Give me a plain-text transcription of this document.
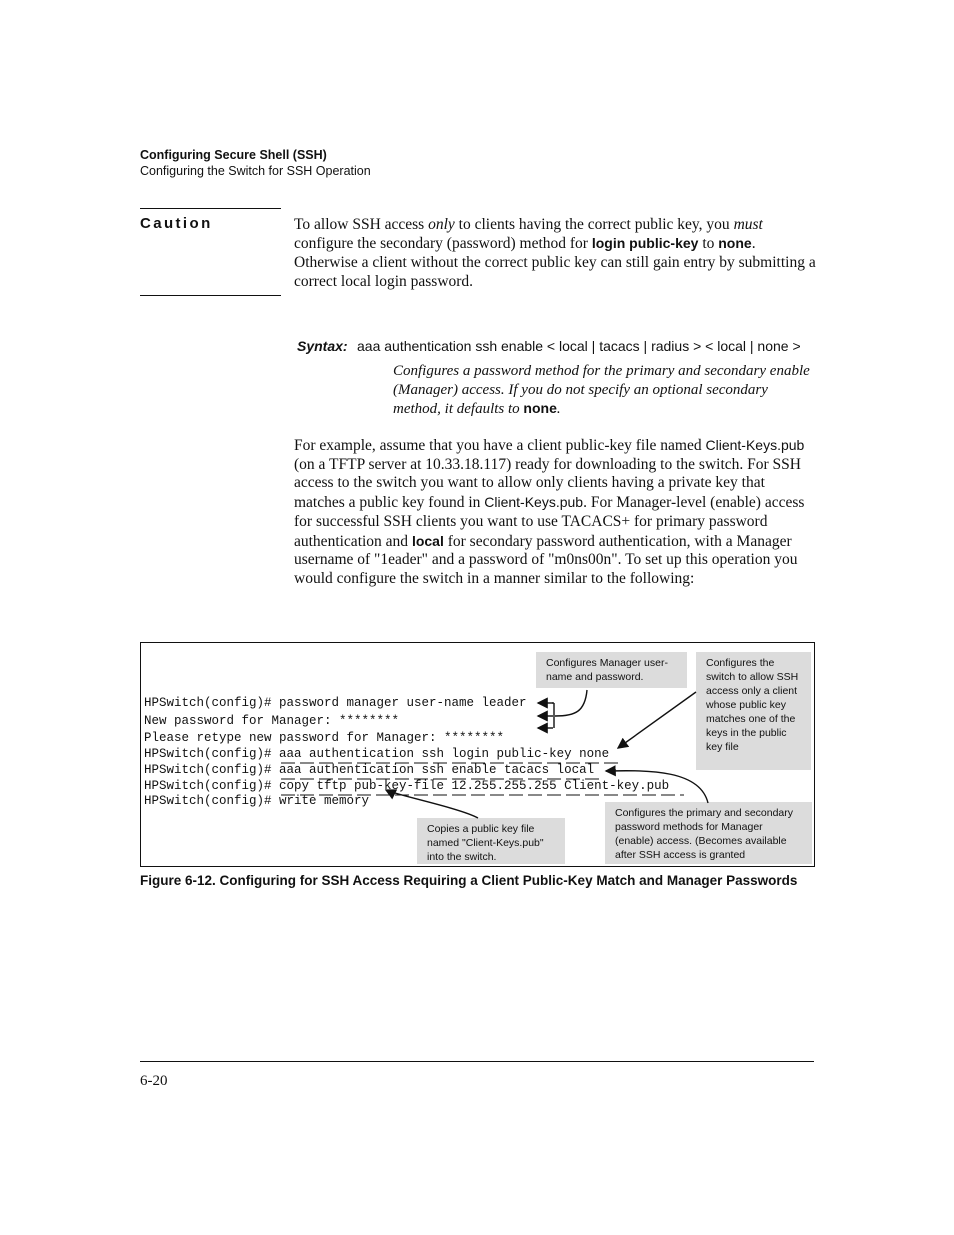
Configuring Secure Shell (SSH)
Configuring the Switch for SSH Operation
Caution	To allow SSH access only to clients having the correct public key, you must configure the secondary (password) method for login public-key to none. Otherwise a client without the correct public key can still gain entry by submitting a correct local login password.
Syntax: aaa authentication ssh enable < local | tacacs | radius > < local | none >
Configures a password method for the primary and secondary enable (Manager) access. If you do not specify an optional secondary method, it defaults to none.
For example, assume that you have a client public-key file named Client-Keys.pub (on a TFTP server at 10.33.18.117) ready for downloading to the switch. For SSH access to the switch you want to allow only clients having a private key that matches a public key found in Client-Keys.pub. For Manager-level (enable) access for successful SSH clients you want to use TACACS+ for primary password authentication and local for secondary password authentication, with a Manager username of "1eader" and a password of "m0ns00n". To set up this operation you would configure the switch in a manner similar to the following:
HPSwitch(config)# password manager user-name leader
New password for Manager: ********
Please retype new password for Manager: ********
HPSwitch(config)# aaa authentication ssh login public-key none
HPSwitch(config)# aaa authentication ssh enable tacacs local
HPSwitch(config)# copy tftp pub-key-file 12.255.255.255 Client-key.pub
HPSwitch(config)# write memory
Configures Manager user-name and password.
Configures the switch to allow SSH access only a client whose public key matches one of the keys in the public key file
Copies a public key file named "Client-Keys.pub" into the switch.
Configures the primary and secondary password methods for Manager (enable) access. (Becomes available after SSH access is granted
Figure 6-12. Configuring for SSH Access Requiring a Client Public-Key Match and Manager Passwords
6-20
